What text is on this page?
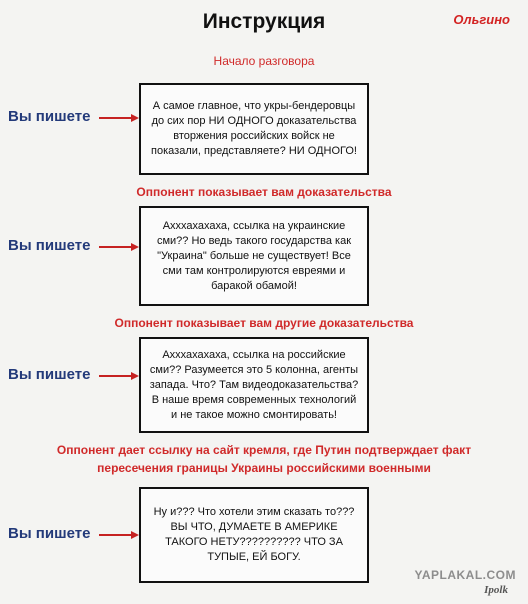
Инструкция	Ольгино
Начало разговора
Вы пишете
А самое главное, что укры-бендеровцы до сих пор НИ ОДНОГО доказательства вторжения российских войск не показали, представляете? НИ ОДНОГО!
Оппонент показывает вам доказательства
Вы пишете
Ахххахахаха, ссылка на украинские сми?? Но ведь такого государства как "Украина" больше не существует! Все сми там контролируются евреями и баракой обамой!
Оппонент показывает вам другие доказательства
Вы пишете
Ахххахахаха, ссылка на российские сми?? Разумеется это 5 колонна, агенты запада. Что? Там видеодоказательства? В наше время современных технологий и не такое можно смонтировать!
Оппонент дает ссылку на сайт кремля, где Путин подтверждает факт
пересечения границы Украины российскими военными
Вы пишете
Ну и??? Что хотели этим сказать то??? ВЫ ЧТО, ДУМАЕТЕ В АМЕРИКЕ ТАКОГО НЕТУ?????????? ЧТО ЗА ТУПЫЕ, ЕЙ БОГУ.
YAPLAKAL.COM
Ipolk
